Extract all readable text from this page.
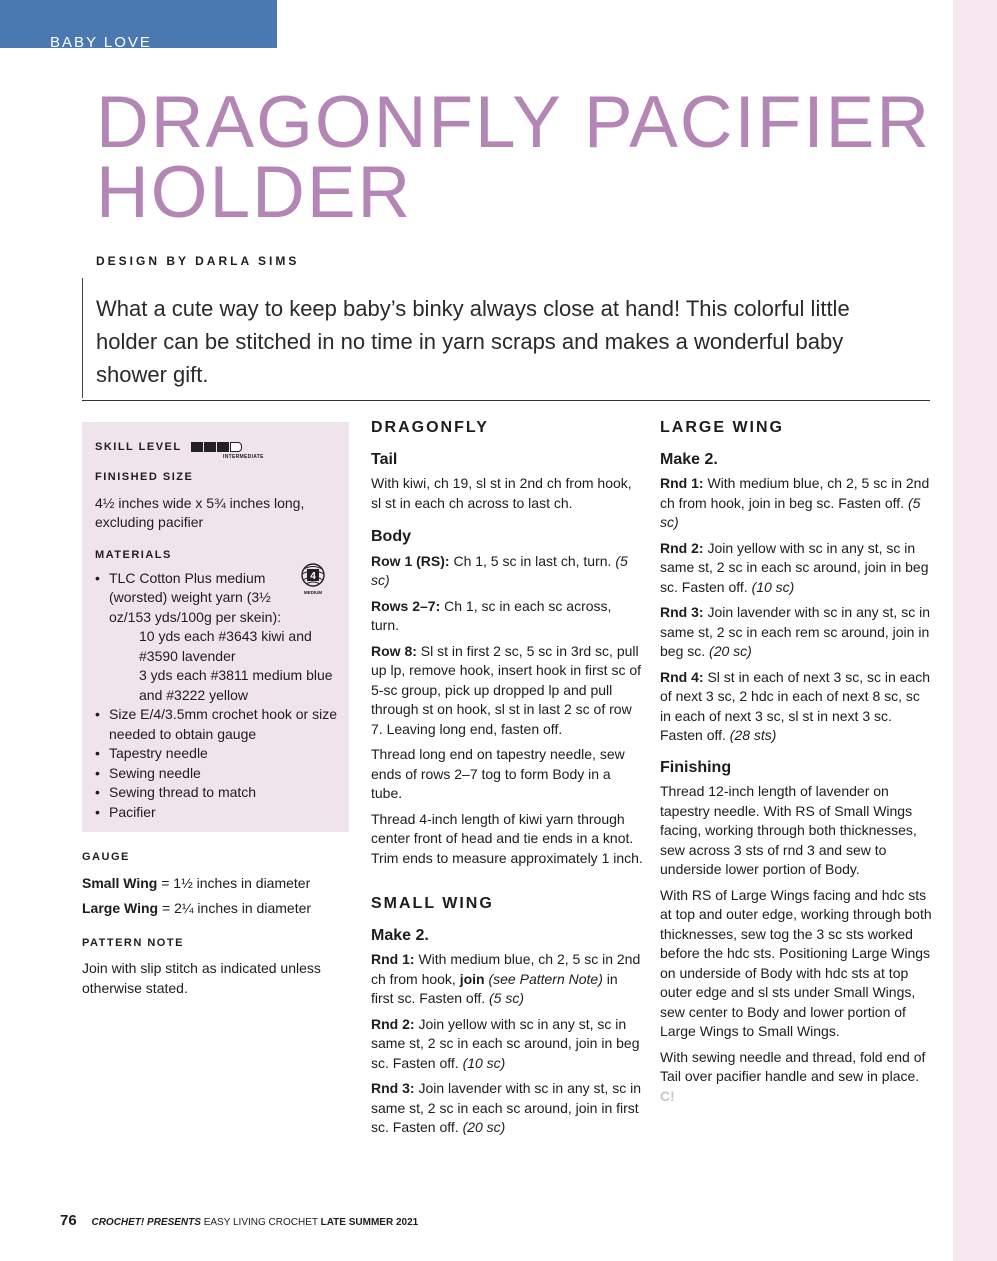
BABY LOVE
DRAGONFLY PACIFIER
HOLDER
DESIGN BY DARLA SIMS
What a cute way to keep baby’s binky always close at hand! This colorful little holder can be stitched in no time in yarn scraps and makes a wonderful baby shower gift.
SKILL LEVEL
INTERMEDIATE
FINISHED SIZE
4½ inches wide x 5¾ inches long, excluding pacifier
MATERIALS
• TLC Cotton Plus medium (worsted) weight yarn (3½ oz/153 yds/100g per skein):
10 yds each #3643 kiwi and #3590 lavender
3 yds each #3811 medium blue and #3222 yellow
• Size E/4/3.5mm crochet hook or size needed to obtain gauge
• Tapestry needle
• Sewing needle
• Sewing thread to match
• Pacifier
4
MEDIUM
GAUGE

Small Wing = 1½ inches in diameter

Large Wing = 2¼ inches in diameter

PATTERN NOTE

Join with slip stitch as indicated unless otherwise stated.

DRAGONFLY
Tail

With kiwi, ch 19, sl st in 2nd ch from hook, sl st in each ch across to last ch.

Body

Row 1 (RS): Ch 1, 5 sc in last ch, turn. (5 sc)

Rows 2–7: Ch 1, sc in each sc across, turn.

Row 8: Sl st in first 2 sc, 5 sc in 3rd sc, pull up lp, remove hook, insert hook in first sc of 5-sc group, pick up dropped lp and pull through st on hook, sl st in last 2 sc of row 7. Leaving long end, fasten off.

Thread long end on tapestry needle, sew ends of rows 2–7 tog to form Body in a tube.

Thread 4-inch length of kiwi yarn through center front of head and tie ends in a knot. Trim ends to measure approximately 1 inch.

SMALL WING
Make 2.

Rnd 1: With medium blue, ch 2, 5 sc in 2nd ch from hook, join (see Pattern Note) in first sc. Fasten off. (5 sc)

Rnd 2: Join yellow with sc in any st, sc in same st, 2 sc in each sc around, join in beg sc. Fasten off. (10 sc)

Rnd 3: Join lavender with sc in any st, sc in same st, 2 sc in each sc around, join in first sc. Fasten off. (20 sc)

LARGE WING
Make 2.

Rnd 1: With medium blue, ch 2, 5 sc in 2nd ch from hook, join in beg sc. Fasten off. (5 sc)

Rnd 2: Join yellow with sc in any st, sc in same st, 2 sc in each sc around, join in beg sc. Fasten off. (10 sc)

Rnd 3: Join lavender with sc in any st, sc in same st, 2 sc in each rem sc around, join in beg sc. (20 sc)

Rnd 4: Sl st in each of next 3 sc, sc in each of next 3 sc, 2 hdc in each of next 8 sc, sc in each of next 3 sc, sl st in next 3 sc. Fasten off. (28 sts)

Finishing

Thread 12-inch length of lavender on tapestry needle. With RS of Small Wings facing, working through both thicknesses, sew across 3 sts of rnd 3 and sew to underside lower portion of Body.

With RS of Large Wings facing and hdc sts at top and outer edge, working through both thicknesses, sew tog the 3 sc sts worked before the hdc sts. Positioning Large Wings on underside of Body with hdc sts at top outer edge and sl sts under Small Wings, sew center to Body and lower portion of Large Wings to Small Wings.

With sewing needle and thread, fold end of Tail over pacifier handle and sew in place. C!

76 CROCHET! PRESENTS EASY LIVING CROCHET LATE SUMMER 2021
